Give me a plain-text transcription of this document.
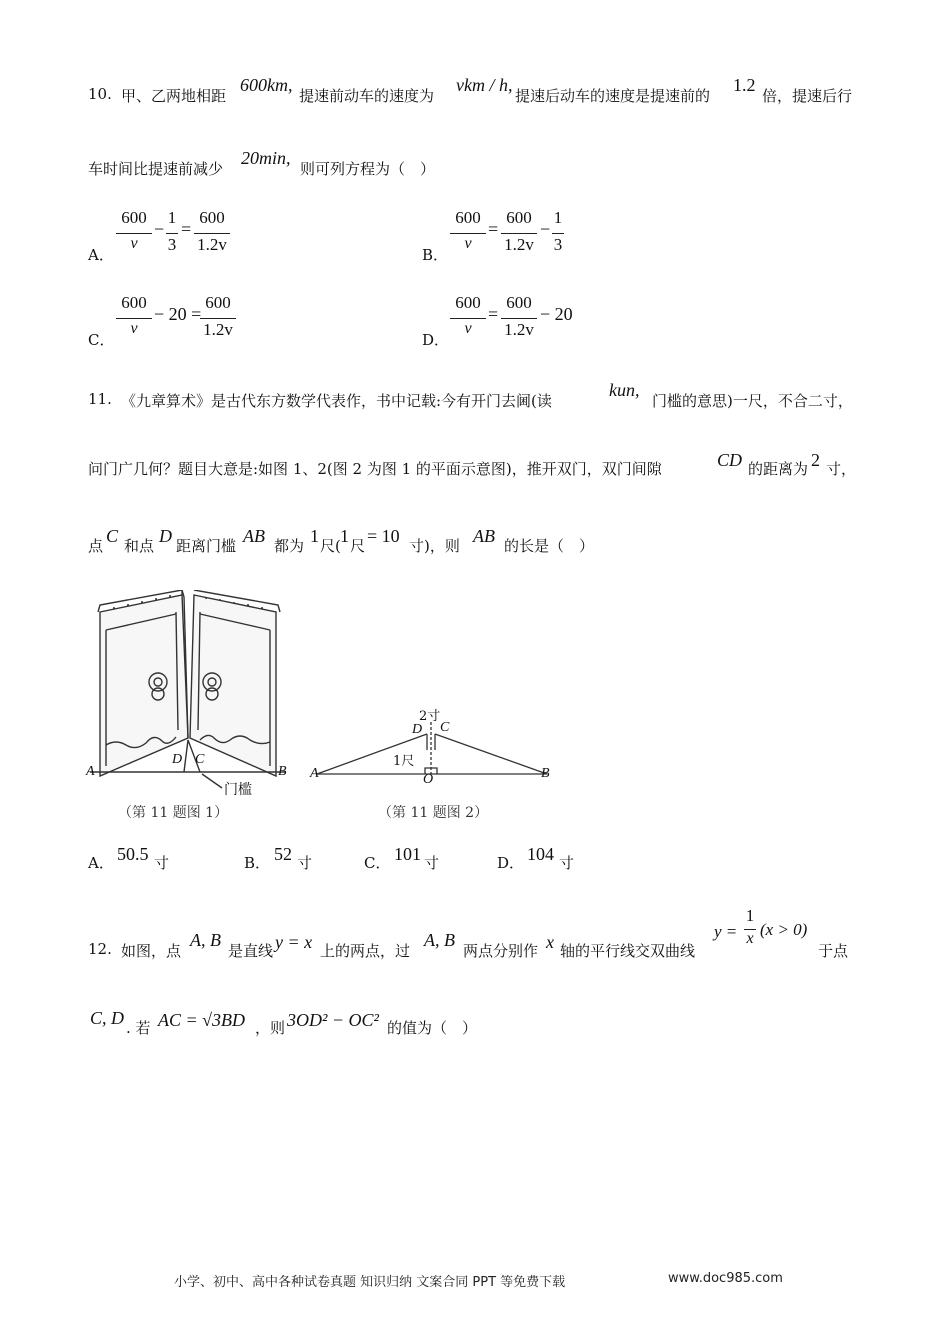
10. 甲、乙两地相距
600km,
提速前动车的速度为
vkm / h,
提速后动车的速度是提速前的
1.2
倍，提速后行
车时间比提速前减少
20min,
则可列方程为（　）
A．
600
v
−
1
3
=
600
1.2v
B．
600
v
=
600
1.2v
−
1
3
C．
600
v
− 20 =
600
1.2v
D．
600
v
=
600
1.2v
− 20
11. 《九章算术》是古代东方数学代表作，书中记载:今有开门去阃(读
kun,
门槛的意思)一尺，不合二寸，
问门广几何？题目大意是:如图 1、2(图 2 为图 1 的平面示意图)，推开双门，双门间隙	CD 的距离为 2 寸，
点 C 和点 D 距离门槛 AB 都为 1 尺( 1 尺 = 10 寸)，则 AB 的长是（　）
A	B
D C
门槛
（第 11 题图 1）
2寸
D C
1尺
A	O	B
（第 11 题图 2）
A． 50.5 寸	B． 52 寸	C． 101 寸	D． 104 寸
12. 如图，点
A, B
是直线 y = x 上的两点，过
A, B
两点分别作 x 轴的平行线交双曲线
y =
1
x (x > 0)
于点
C, D . 若 AC = √3BD ，则 3OD² − OC² 的值为（　）
小学、初中、高中各种试卷真题 知识归纳 文案合同 PPT 等免费下载	www.doc985.com
